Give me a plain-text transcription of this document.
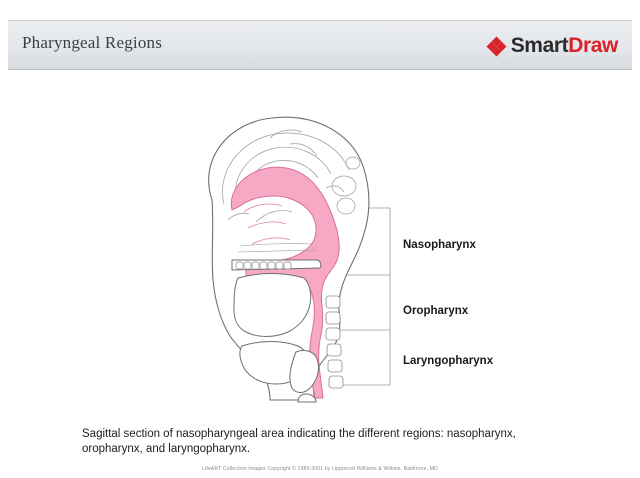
Pharyngeal Regions	SmartDraw
Nasopharynx
Oropharynx
Laryngopharynx
Sagittal section of nasopharyngeal area indicating the different regions: nasopharynx, oropharynx, and laryngopharynx.
LifeART Collection Images Copyright © 1989-2001 by Lippincott Williams & Wilkins, Baltimore, MD
